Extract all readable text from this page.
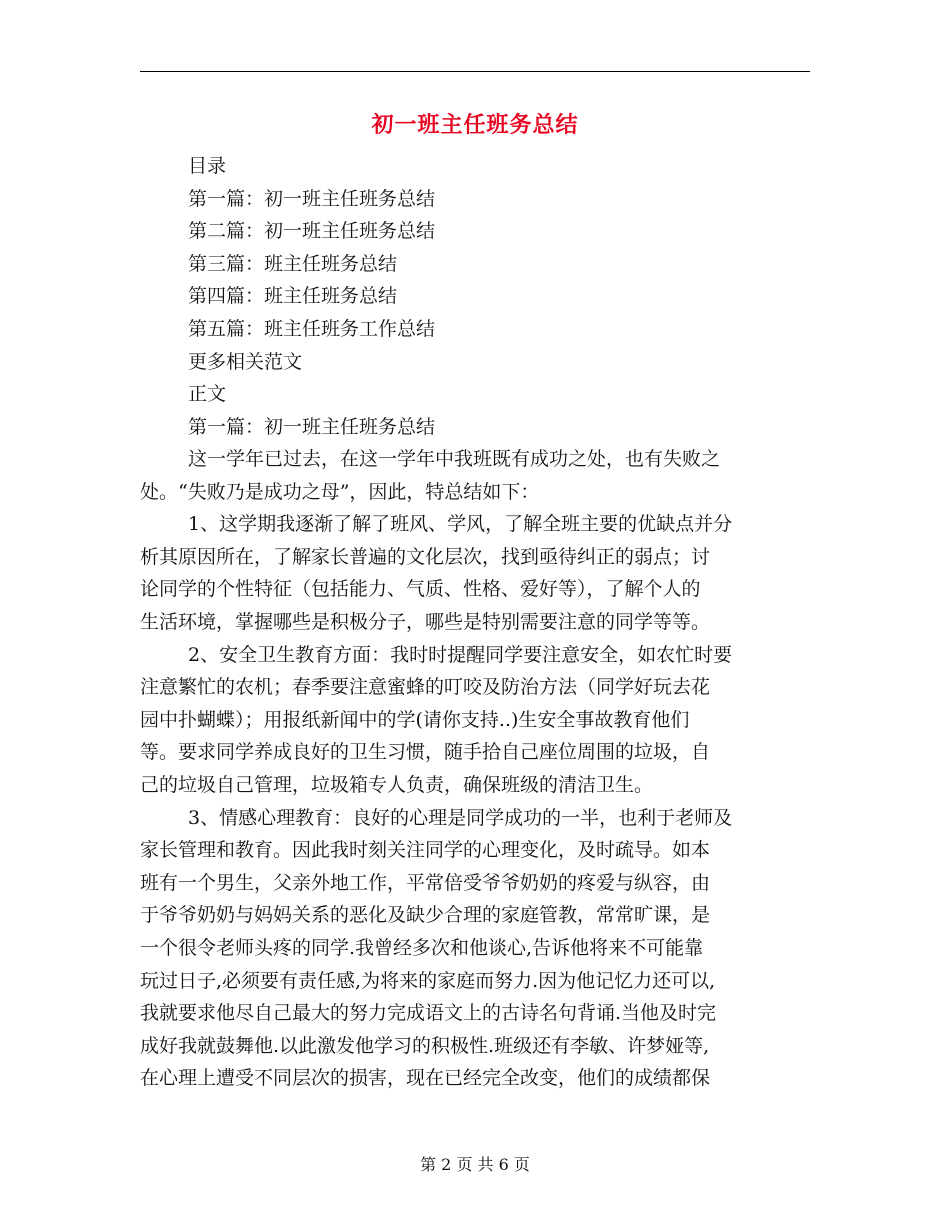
初一班主任班务总结
目录
第一篇：初一班主任班务总结
第二篇：初一班主任班务总结
第三篇：班主任班务总结
第四篇：班主任班务总结
第五篇：班主任班务工作总结
更多相关范文
正文
第一篇：初一班主任班务总结
这一学年已过去，在这一学年中我班既有成功之处，也有失败之
处。“失败乃是成功之母”，因此，特总结如下：
1、这学期我逐渐了解了班风、学风，了解全班主要的优缺点并分
析其原因所在，了解家长普遍的文化层次，找到亟待纠正的弱点；讨
论同学的个性特征（包括能力、气质、性格、爱好等），了解个人的
生活环境，掌握哪些是积极分子，哪些是特别需要注意的同学等等。
2、安全卫生教育方面：我时时提醒同学要注意安全，如农忙时要
注意繁忙的农机；春季要注意蜜蜂的叮咬及防治方法（同学好玩去花
园中扑蝴蝶）；用报纸新闻中的学(请你支持..)生安全事故教育他们
等。要求同学养成良好的卫生习惯，随手拾自己座位周围的垃圾，自
己的垃圾自己管理，垃圾箱专人负责，确保班级的清洁卫生。
3、情感心理教育：良好的心理是同学成功的一半，也利于老师及
家长管理和教育。因此我时刻关注同学的心理变化，及时疏导。如本
班有一个男生，父亲外地工作，平常倍受爷爷奶奶的疼爱与纵容，由
于爷爷奶奶与妈妈关系的恶化及缺少合理的家庭管教，常常旷课，是
一个很令老师头疼的同学.我曾经多次和他谈心,告诉他将来不可能靠
玩过日子,必须要有责任感,为将来的家庭而努力.因为他记忆力还可以,
我就要求他尽自己最大的努力完成语文上的古诗名句背诵.当他及时完
成好我就鼓舞他.以此激发他学习的积极性.班级还有李敏、许梦娅等,
在心理上遭受不同层次的损害，现在已经完全改变，他们的成绩都保
第 2 页 共 6 页
